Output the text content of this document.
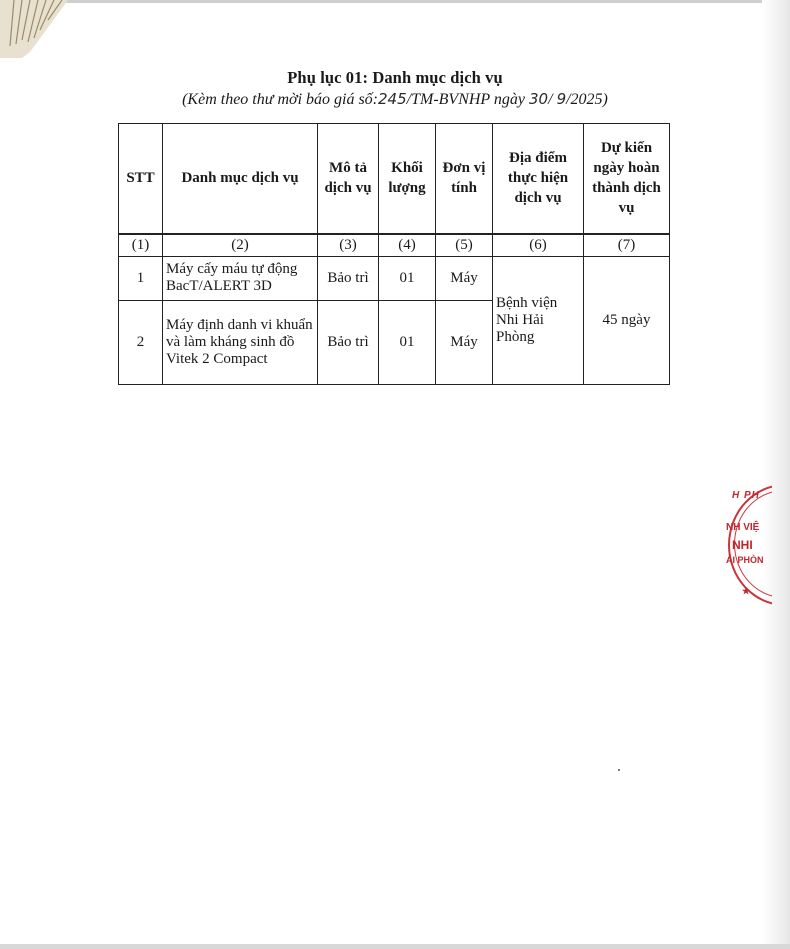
Phụ lục 01: Danh mục dịch vụ
(Kèm theo thư mời báo giá số:245/TM-BVNHP ngày 30/ 9/2025)
STT	Danh mục dịch vụ	Mô tả dịch vụ	Khối lượng	Đơn vị tính	Địa điểm thực hiện dịch vụ	Dự kiến ngày hoàn thành dịch vụ
(1)	(2)	(3)	(4)	(5)	(6)	(7)
1	Máy cấy máu tự động BacT/ALERT 3D	Bảo trì	01	Máy	Bệnh viện Nhi Hải Phòng	45 ngày
2	Máy định danh vi khuẩn và làm kháng sinh đồ Vitek 2 Compact	Bảo trì	01	Máy		
H PH
NH VIỆ
NHI
ẢI PHÒN
★
